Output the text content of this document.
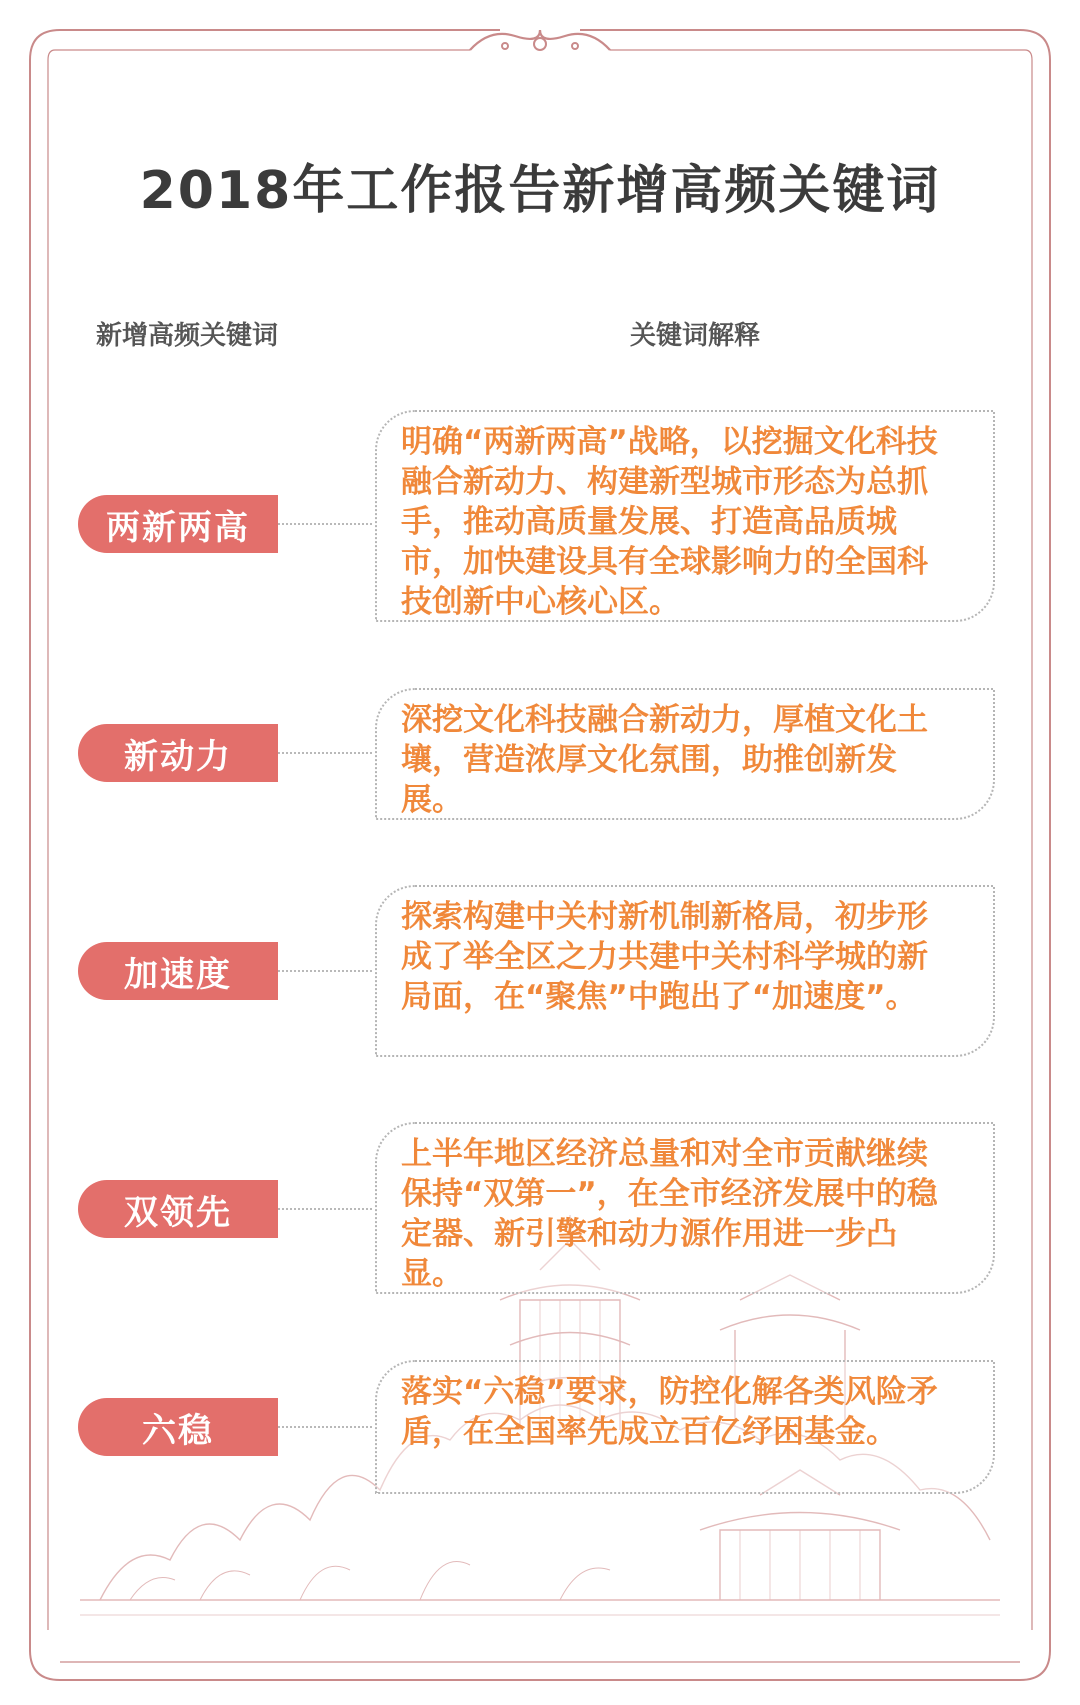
2018年工作报告新增高频关键词
新增高频关键词	关键词解释
两新两高
明确“两新两高”战略，以挖掘文化科技融合新动力、构建新型城市形态为总抓手，推动高质量发展、打造高品质城市，加快建设具有全球影响力的全国科技创新中心核心区。
新动力
深挖文化科技融合新动力，厚植文化土壤，营造浓厚文化氛围，助推创新发展。
加速度
探索构建中关村新机制新格局，初步形成了举全区之力共建中关村科学城的新局面，在“聚焦”中跑出了“加速度”。
双领先
上半年地区经济总量和对全市贡献继续保持“双第一”，在全市经济发展中的稳定器、新引擎和动力源作用进一步凸显。
六稳
落实“六稳”要求，防控化解各类风险矛盾，在全国率先成立百亿纾困基金。
